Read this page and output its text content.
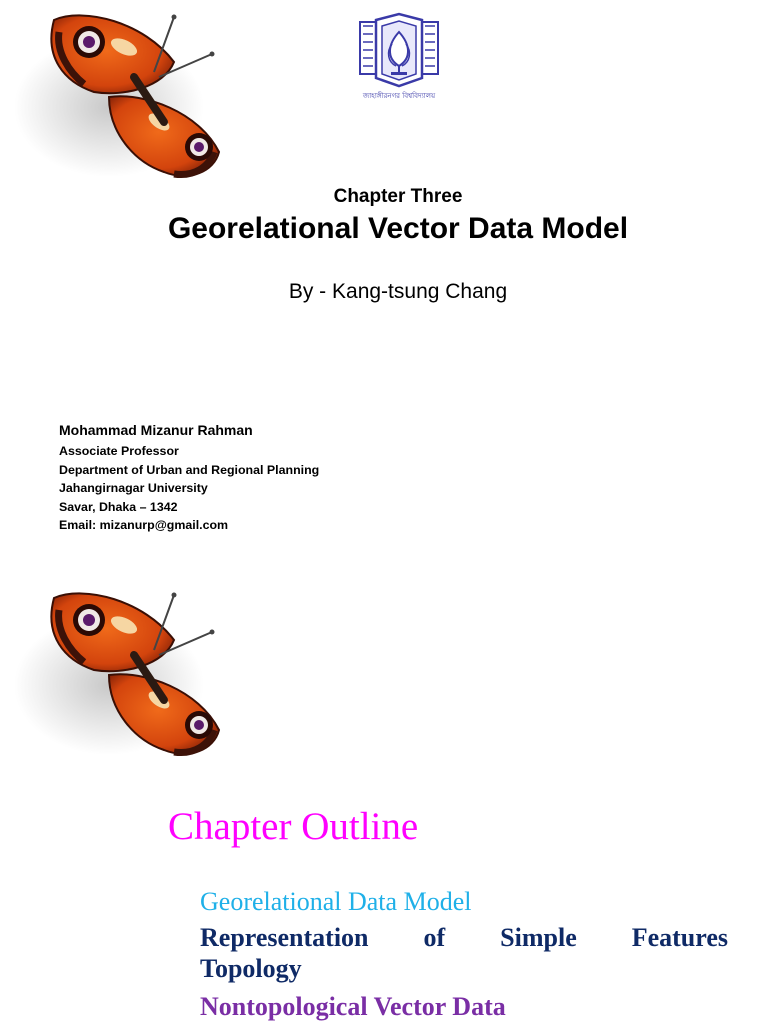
জাহাঙ্গীরনগর বিশ্ববিদ্যালয়
Chapter Three
Georelational Vector Data Model
By - Kang-tsung Chang
Mohammad Mizanur Rahman
Associate Professor
Department of Urban and Regional Planning
Jahangirnagar University
Savar, Dhaka – 1342
Email: mizanurp@gmail.com
Chapter Outline
Georelational Data Model
Representation of Simple Features
Topology
Nontopological Vector Data
